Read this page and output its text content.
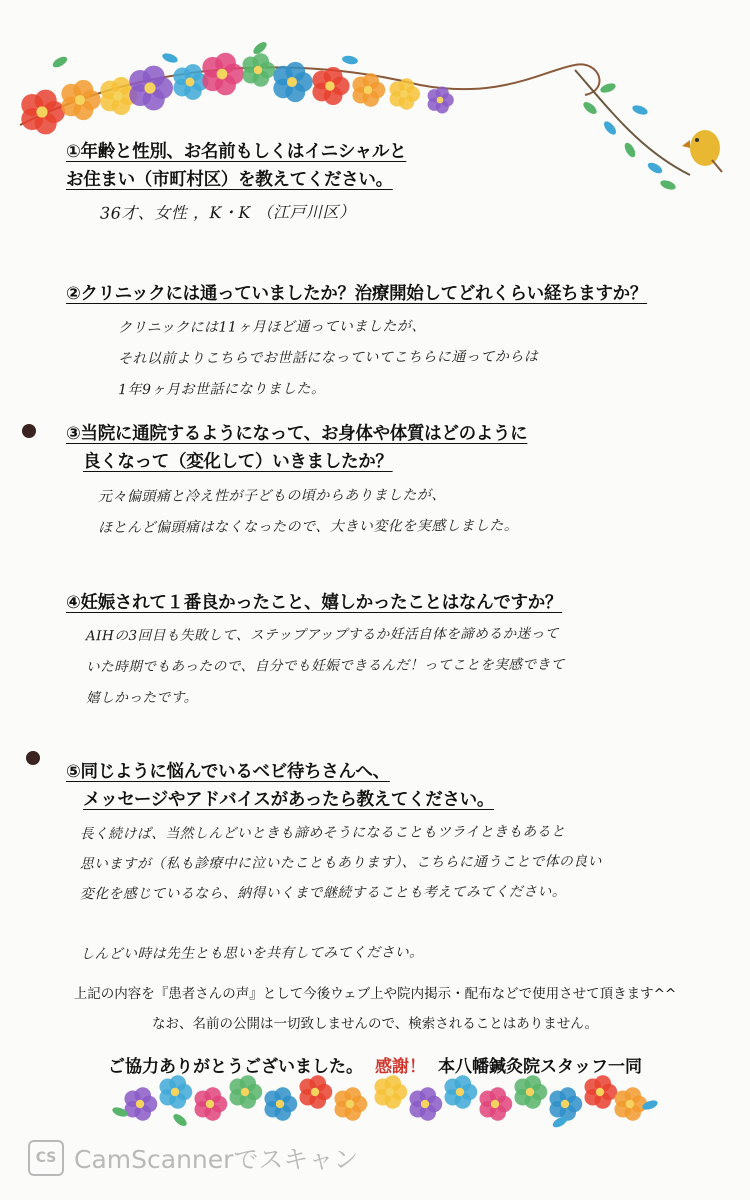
①年齢と性別、お名前もしくはイニシャルと
お住まい（市町村区）を教えてください。
36才、女性 ，K・K （江戸川区）
②クリニックには通っていましたか？治療開始してどれくらい経ちますか？
クリニックには11ヶ月ほど通っていましたが、
それ以前よりこちらでお世話になっていてこちらに通ってからは
1年9ヶ月お世話になりました。
③当院に通院するようになって、お身体や体質はどのように
良くなって（変化して）いきましたか？
元々偏頭痛と冷え性が子どもの頃からありましたが、
ほとんど偏頭痛はなくなったので、大きい変化を実感しました。
④妊娠されて１番良かったこと、嬉しかったことはなんですか？
AIHの3回目も失敗して、ステップアップするか妊活自体を諦めるか迷って
いた時期でもあったので、自分でも妊娠できるんだ！ってことを実感できて
嬉しかったです。
⑤同じように悩んでいるベビ待ちさんへ、
メッセージやアドバイスがあったら教えてください。
長く続けば、当然しんどいときも諦めそうになることもツライときもあると
思いますが（私も診療中に泣いたこともあります）、こちらに通うことで体の良い
変化を感じているなら、納得いくまで継続することも考えてみてください。

しんどい時は先生とも思いを共有してみてください。
上記の内容を『患者さんの声』として今後ウェブ上や院内掲示・配布などで使用させて頂きます^^
なお、名前の公開は一切致しませんので、検索されることはありません。
ご協力ありがとうございました。 感謝！ 本八幡鍼灸院スタッフ一同
CS CamScannerでスキャン
